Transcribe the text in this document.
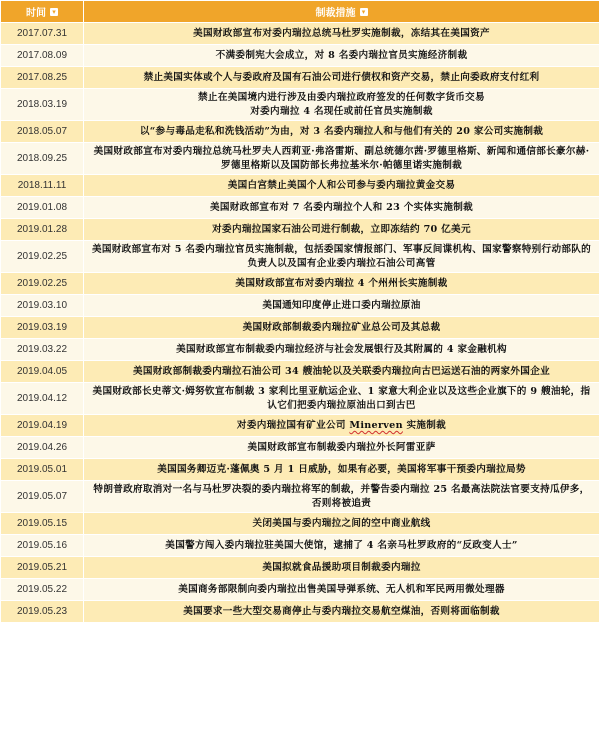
时间 ▾	制裁措施 ▾

2017.07.31	美国财政部宣布对委内瑞拉总统马杜罗实施制裁，冻结其在美国资产
2017.08.09	不满委制宪大会成立，对 8 名委内瑞拉官员实施经济制裁
2017.08.25	禁止美国实体或个人与委政府及国有石油公司进行债权和资产交易，禁止向委政府支付红利
2018.03.19	禁止在美国境内进行涉及由委内瑞拉政府签发的任何数字货币交易
对委内瑞拉 4 名现任或前任官员实施制裁
2018.05.07	以“参与毒品走私和洗钱活动”为由，对 3 名委内瑞拉人和与他们有关的 20 家公司实施制裁
2018.09.25	美国财政部宣布对委内瑞拉总统马杜罗夫人西莉亚·弗洛雷斯、副总统德尔茜·罗德里格斯、新闻和通信部长豪尔赫·罗德里格斯以及国防部长弗拉基米尔·帕德里诺实施制裁
2018.11.11	美国白宫禁止美国个人和公司参与委内瑞拉黄金交易
2019.01.08	美国财政部宣布对 7 名委内瑞拉个人和 23 个实体实施制裁
2019.01.28	对委内瑞拉国家石油公司进行制裁，立即冻结约 70 亿美元
2019.02.25	美国财政部宣布对 5 名委内瑞拉官员实施制裁，包括委国家情报部门、军事反间谍机构、国家警察特别行动部队的负责人以及国有企业委内瑞拉石油公司高管
2019.02.25	美国财政部宣布对委内瑞拉 4 个州州长实施制裁
2019.03.10	美国通知印度停止进口委内瑞拉原油
2019.03.19	美国财政部制裁委内瑞拉矿业总公司及其总裁
2019.03.22	美国财政部宣布制裁委内瑞拉经济与社会发展银行及其附属的 4 家金融机构
2019.04.05	美国财政部制裁委内瑞拉石油公司 34 艘油轮以及关联委内瑞拉向古巴运送石油的两家外国企业
2019.04.12	美国财政部长史蒂文·姆努钦宣布制裁 3 家利比里亚航运企业、1 家意大利企业以及这些企业旗下的 9 艘油轮，指认它们把委内瑞拉原油出口到古巴
2019.04.19	对委内瑞拉国有矿业公司 Minerven 实施制裁
2019.04.26	美国财政部宣布制裁委内瑞拉外长阿雷亚萨
2019.05.01	美国国务卿迈克·蓬佩奥 5 月 1 日威胁，如果有必要，美国将军事干预委内瑞拉局势
2019.05.07	特朗普政府取消对一名与马杜罗决裂的委内瑞拉将军的制裁，并警告委内瑞拉 25 名最高法院法官要支持瓜伊多，否则将被追责
2019.05.15	关闭美国与委内瑞拉之间的空中商业航线
2019.05.16	美国警方闯入委内瑞拉驻美国大使馆，逮捕了 4 名亲马杜罗政府的“反政变人士”
2019.05.21	美国拟就食品援助项目制裁委内瑞拉
2019.05.22	美国商务部限制向委内瑞拉出售美国导弹系统、无人机和军民两用微处理器
2019.05.23	美国要求一些大型交易商停止与委内瑞拉交易航空煤油，否则将面临制裁
